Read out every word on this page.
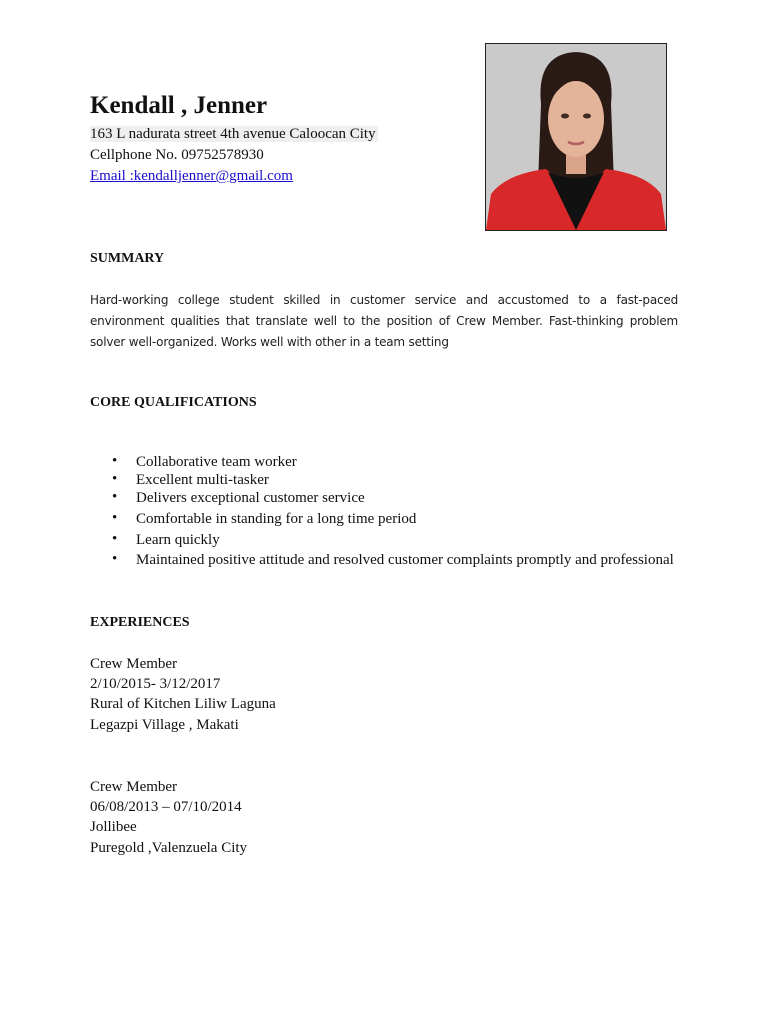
Kendall , Jenner
163 L nadurata street 4th avenue Caloocan City
Cellphone No. 09752578930
Email :kendalljenner@gmail.com
SUMMARY
Hard-working college student skilled in customer service and accustomed to a fast-paced environment qualities that translate well to the position of Crew Member. Fast-thinking problem solver well-organized. Works well with other in a team setting
CORE QUALIFICATIONS
• Collaborative team worker
• Excellent multi-tasker
• Delivers exceptional customer service
• Comfortable in standing for a long time period
• Learn quickly
• Maintained positive attitude and resolved customer complaints promptly and professional
EXPERIENCES
Crew Member
2/10/2015- 3/12/2017
Rural of Kitchen Liliw Laguna
Legazpi Village , Makati
Crew Member
06/08/2013 – 07/10/2014
Jollibee
Puregold ,Valenzuela City
